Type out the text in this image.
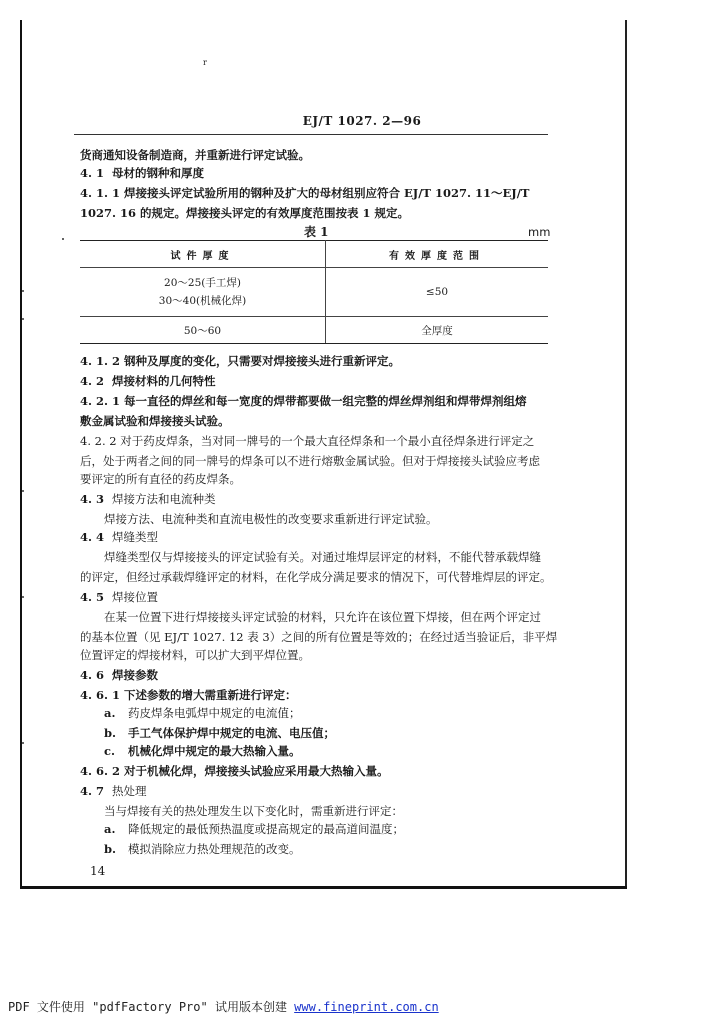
r
EJ/T 1027. 2—96
货商通知设备制造商，并重新进行评定试验。
4. 1 母材的钢种和厚度
4. 1. 1 焊接接头评定试验所用的钢种及扩大的母材组别应符合 EJ/T 1027. 11～EJ/T
1027. 16 的规定。焊接接头评定的有效厚度范围按表 1 规定。
表 1	mm
试件厚度	有效厚度范围

20～25(手工焊)
30～40(机械化焊)	≤50
50～60	全厚度
4. 1. 2 钢种及厚度的变化，只需要对焊接接头进行重新评定。
4. 2 焊接材料的几何特性
4. 2. 1 每一直径的焊丝和每一宽度的焊带都要做一组完整的焊丝焊剂组和焊带焊剂组熔
敷金属试验和焊接接头试验。
4. 2. 2 对于药皮焊条，当对同一牌号的一个最大直径焊条和一个最小直径焊条进行评定之
后，处于两者之间的同一牌号的焊条可以不进行熔敷金属试验。但对于焊接接头试验应考虑
要评定的所有直径的药皮焊条。
4. 3 焊接方法和电流种类
焊接方法、电流种类和直流电极性的改变要求重新进行评定试验。
4. 4 焊缝类型
焊缝类型仅与焊接接头的评定试验有关。对通过堆焊层评定的材料，不能代替承载焊缝
的评定，但经过承载焊缝评定的材料，在化学成分满足要求的情况下，可代替堆焊层的评定。
4. 5 焊接位置
在某一位置下进行焊接接头评定试验的材料，只允许在该位置下焊接，但在两个评定过
的基本位置（见 EJ/T 1027. 12 表 3）之间的所有位置是等效的；在经过适当验证后，非平焊
位置评定的焊接材料，可以扩大到平焊位置。
4. 6 焊接参数
4. 6. 1 下述参数的增大需重新进行评定：
a. 药皮焊条电弧焊中规定的电流值；
b. 手工气体保护焊中规定的电流、电压值；
c. 机械化焊中规定的最大热输入量。
4. 6. 2 对于机械化焊，焊接接头试验应采用最大热输入量。
4. 7 热处理
当与焊接有关的热处理发生以下变化时，需重新进行评定：
a. 降低规定的最低预热温度或提高规定的最高道间温度；
b. 模拟消除应力热处理规范的改变。
14
PDF 文件使用 "pdfFactory Pro" 试用版本创建 www.fineprint.com.cn
